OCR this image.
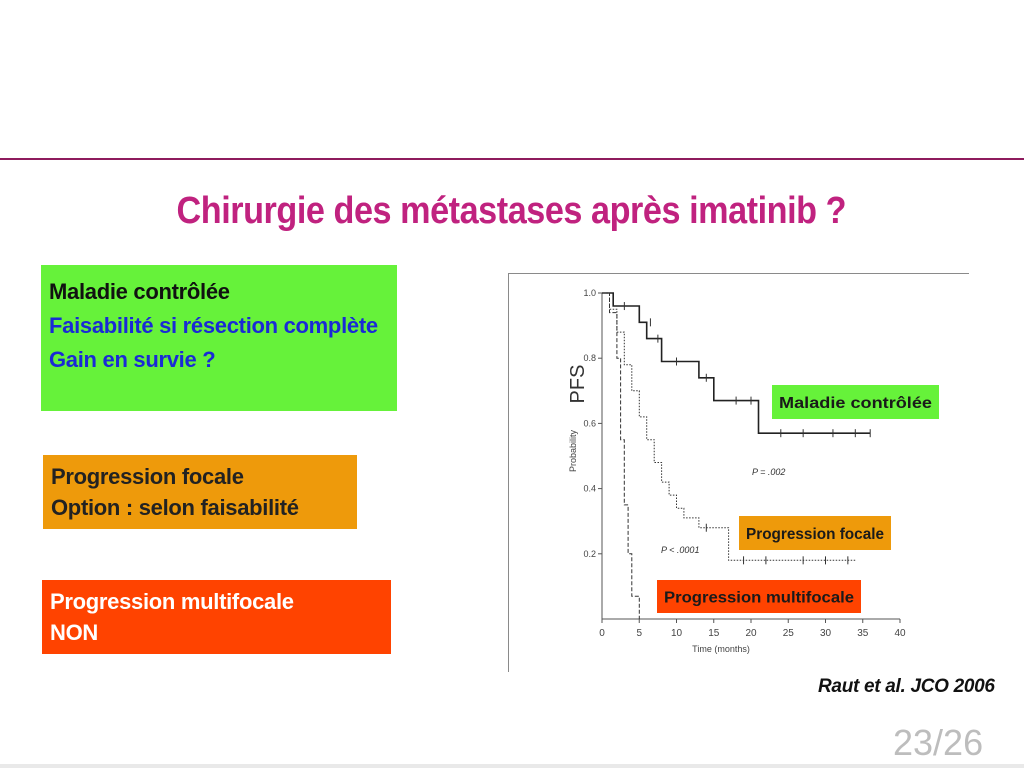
Chirurgie des métastases après imatinib ?
Maladie contrôlée
Faisabilité si résection complète
Gain en survie ?
Progression focale
Option : selon faisabilité
Progression multifocale
NON	0	5	10	15	20	25	30	35	40
0.2
0.4
0.6
0.8
1.0
Time (months)
Probability
PFS
P = .002
P < .0001
Maladie contrôlée
Progression focale
Progression multifocale
Raut et al. JCO 2006
23/26
